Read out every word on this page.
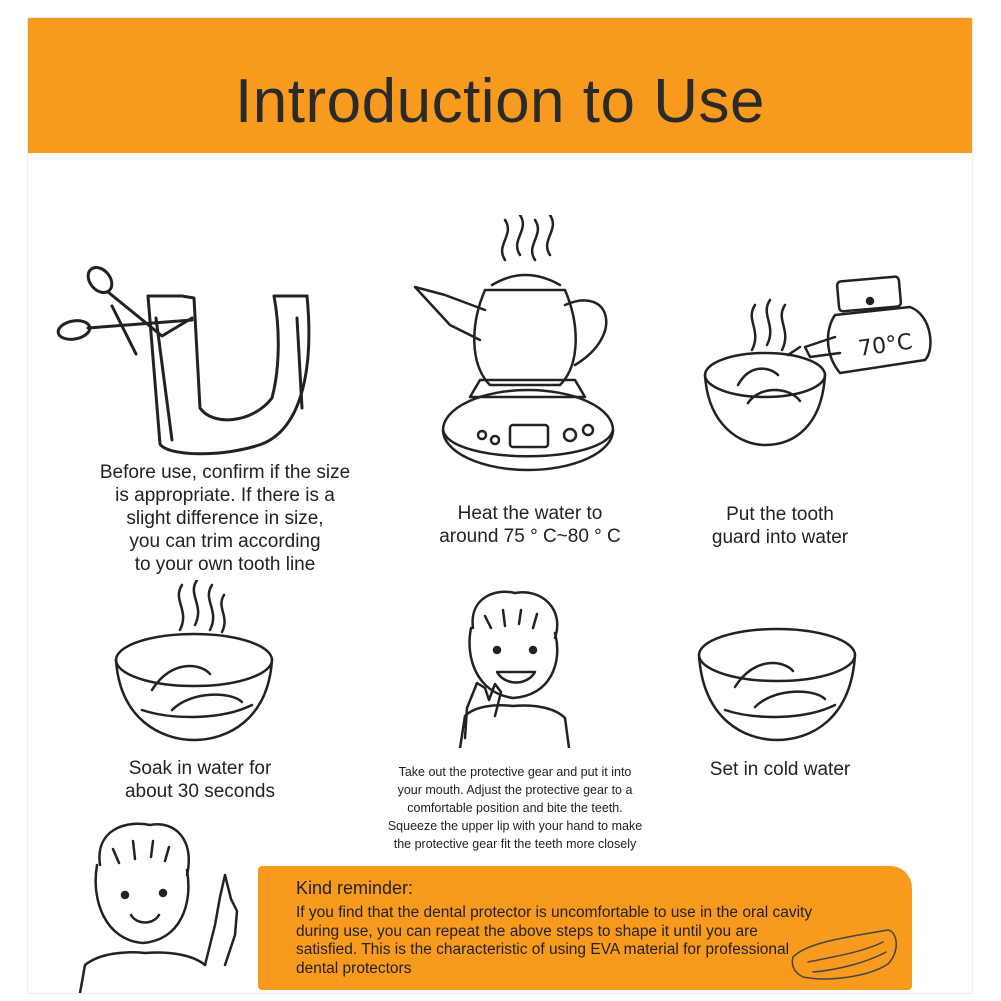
Introduction to Use
Before use, confirm if the size
is appropriate. If there is a
slight difference in size,
you can trim according
to your own tooth line
Heat the water to
around 75 ° C~80 ° C
70°C
Put the tooth
guard into water
Soak in water for
about 30 seconds
Take out the protective gear and put it into
your mouth. Adjust the protective gear to a
comfortable position and bite the teeth.
Squeeze the upper lip with your hand to make
the protective gear fit the teeth more closely
Set in cold water
Kind reminder:
If you find that the dental protector is uncomfortable to use in the oral cavity during use, you can repeat the above steps to shape it until you are satisfied. This is the characteristic of using EVA material for professional dental protectors
